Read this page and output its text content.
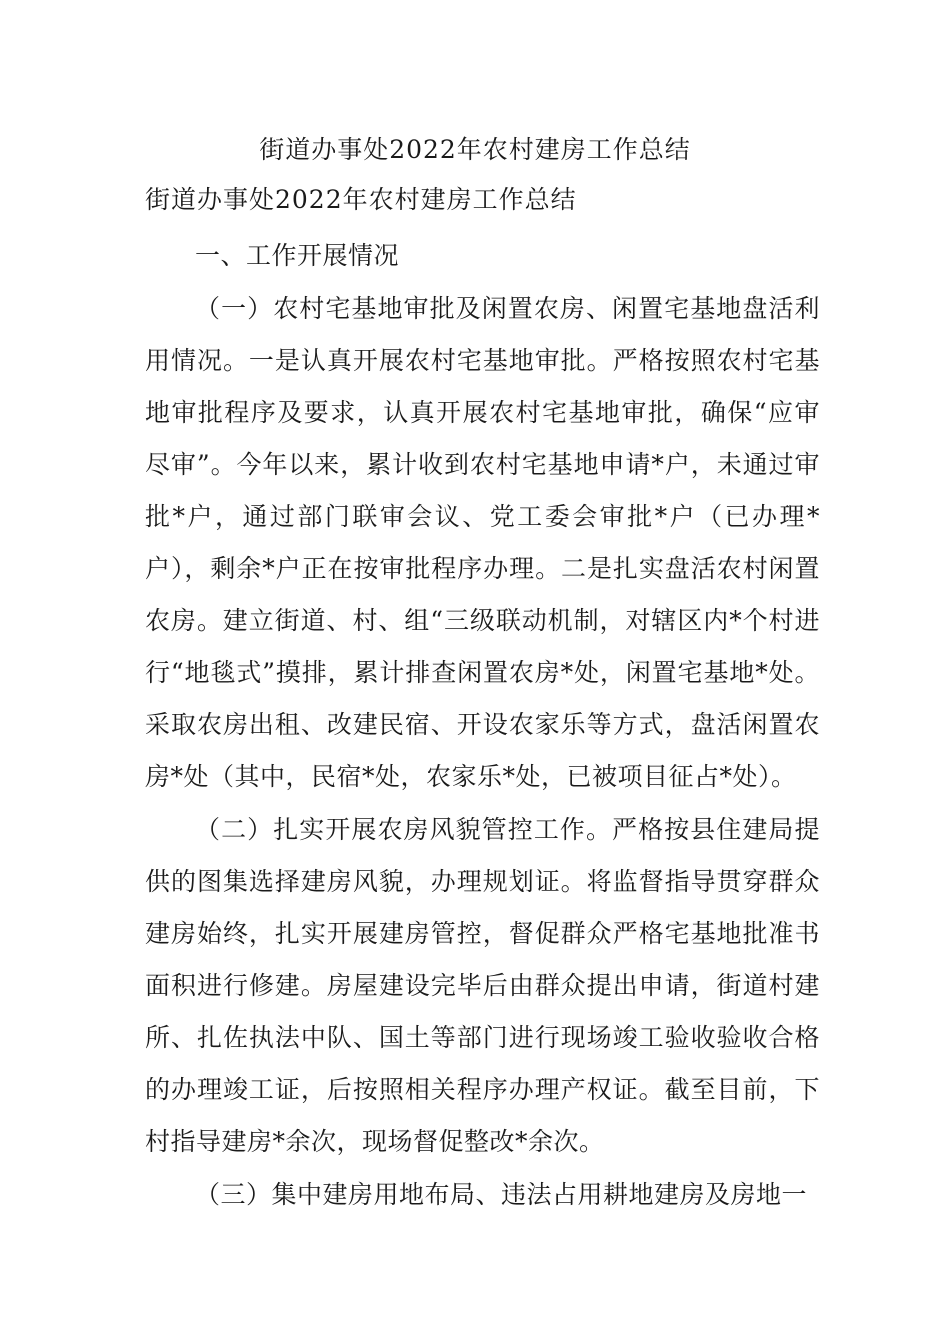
街道办事处2022年农村建房工作总结
街道办事处2022年农村建房工作总结

一、工作开展情况

（一）农村宅基地审批及闲置农房、闲置宅基地盘活利用情况。一是认真开展农村宅基地审批。严格按照农村宅基地审批程序及要求，认真开展农村宅基地审批，确保“应审尽审”。今年以来，累计收到农村宅基地申请*户，未通过审批*户，通过部门联审会议、党工委会审批*户（已办理*户），剩余*户正在按审批程序办理。二是扎实盘活农村闲置农房。建立街道、村、组“三级联动机制，对辖区内*个村进行“地毯式”摸排，累计排查闲置农房*处，闲置宅基地*处。采取农房出租、改建民宿、开设农家乐等方式，盘活闲置农房*处（其中，民宿*处，农家乐*处，已被项目征占*处）。

（二）扎实开展农房风貌管控工作。严格按县住建局提供的图集选择建房风貌，办理规划证。将监督指导贯穿群众建房始终，扎实开展建房管控，督促群众严格宅基地批准书面积进行修建。房屋建设完毕后由群众提出申请，街道村建所、扎佐执法中队、国土等部门进行现场竣工验收验收合格的办理竣工证，后按照相关程序办理产权证。截至目前，下村指导建房*余次，现场督促整改*余次。

（三）集中建房用地布局、违法占用耕地建房及房地一
